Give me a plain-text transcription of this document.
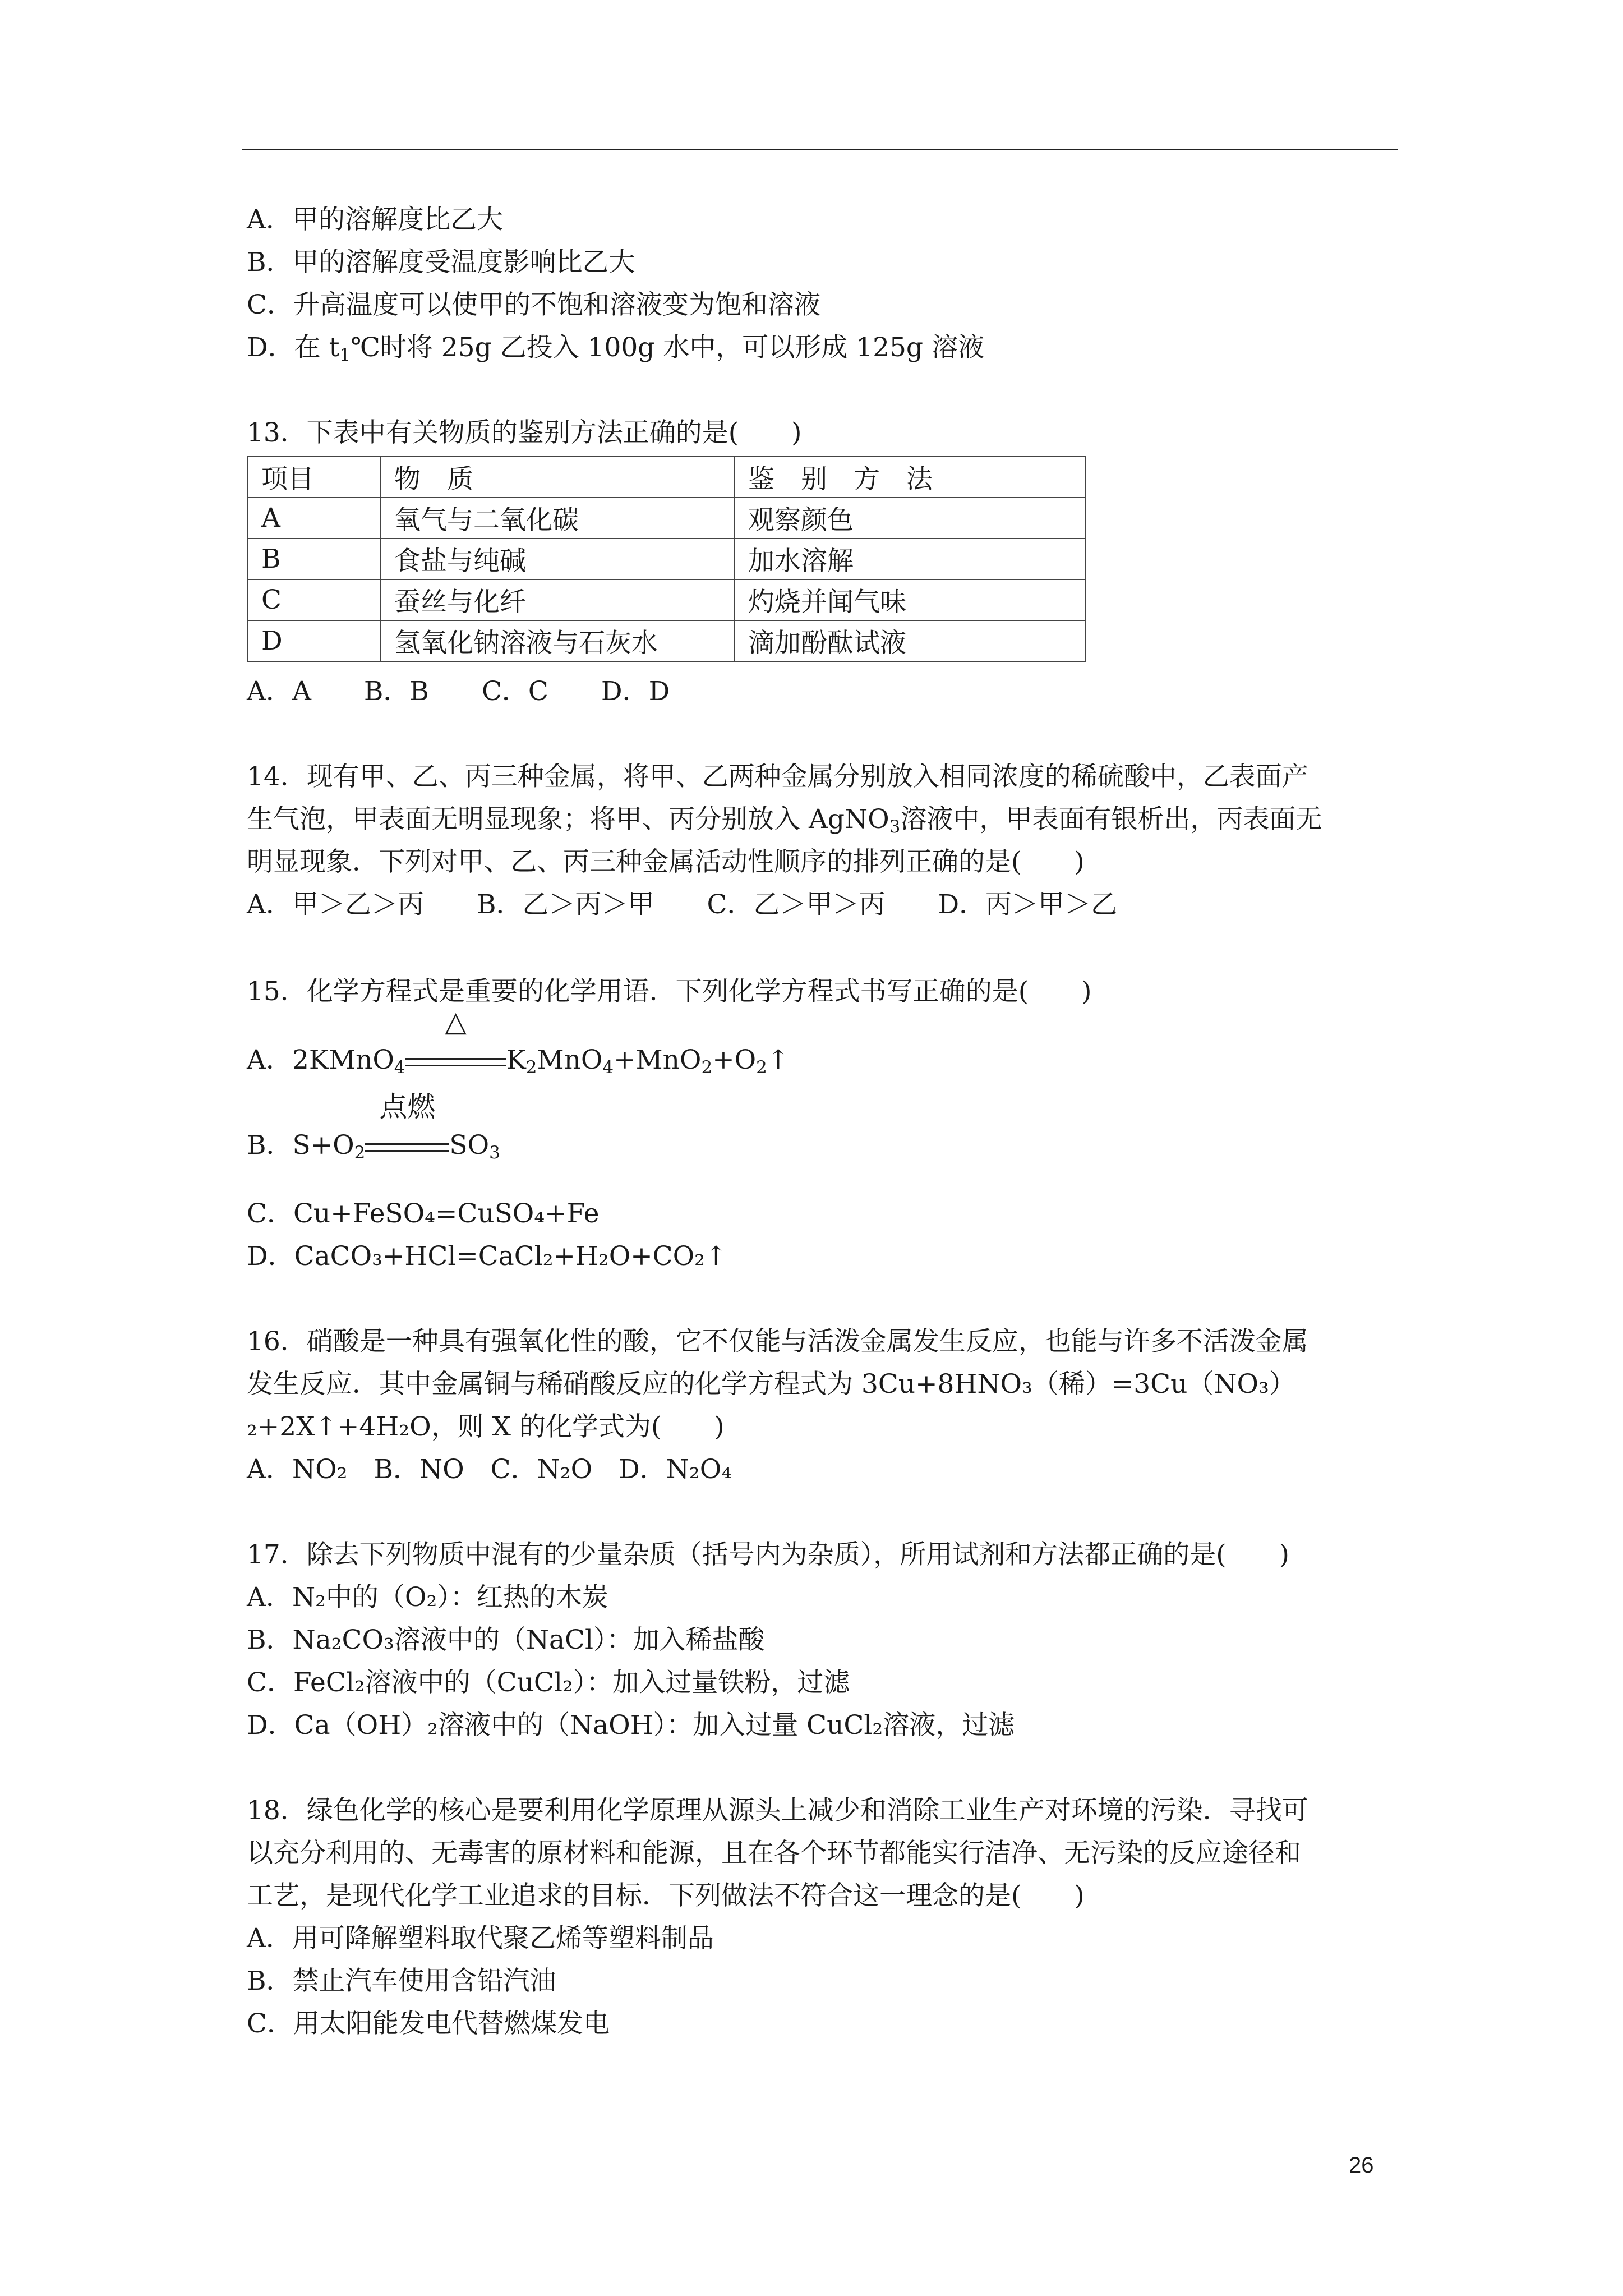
A．甲的溶解度比乙大
B．甲的溶解度受温度影响比乙大
C．升高温度可以使甲的不饱和溶液变为饱和溶液
D．在 $t_1℃$时将 25g 乙投入 100g 水中，可以形成 125g 溶液
13．下表中有关物质的鉴别方法正确的是(　　)
项目	物　质	鉴　别　方　法
A	氧气与二氧化碳	观察颜色
B	食盐与纯碱	加水溶解
C	蚕丝与化纤	灼烧并闻气味
D	氢氧化钠溶液与石灰水	滴加酚酞试液
A．A　　B．B　　C．C　　D．D
14．现有甲、乙、丙三种金属，将甲、乙两种金属分别放入相同浓度的稀硫酸中，乙表面产
生气泡，甲表面无明显现象；将甲、丙分别放入 AgNO$_3$溶液中，甲表面有银析出，丙表面无
明显现象．下列对甲、乙、丙三种金属活动性顺序的排列正确的是(　　)
A．甲＞乙＞丙　　B．乙＞丙＞甲　　C．乙＞甲＞丙　　D．丙＞甲＞乙
15．化学方程式是重要的化学用语．下列化学方程式书写正确的是(　　)
A．2KMnO$_4$
△
$K_2MnO_4+MnO_2+O_2↑$
B．$S+O_2$
点燃
$SO_3$
C．Cu+FeSO₄=CuSO₄+Fe
D．CaCO₃+HCl=CaCl₂+H₂O+CO₂↑
16．硝酸是一种具有强氧化性的酸，它不仅能与活泼金属发生反应，也能与许多不活泼金属
发生反应．其中金属铜与稀硝酸反应的化学方程式为 3Cu+8HNO₃（稀）=3Cu（NO₃）
₂+2X↑+4H₂O，则 X 的化学式为(　　)
A．NO₂　B．NO　C．N₂O　D．N₂O₄
17．除去下列物质中混有的少量杂质（括号内为杂质），所用试剂和方法都正确的是(　　)
A．N₂中的（O₂）：红热的木炭
B．Na₂CO₃溶液中的（NaCl）：加入稀盐酸
C．FeCl₂溶液中的（CuCl₂）：加入过量铁粉，过滤
D．Ca（OH）₂溶液中的（NaOH）：加入过量 CuCl₂溶液，过滤
18．绿色化学的核心是要利用化学原理从源头上减少和消除工业生产对环境的污染．寻找可
以充分利用的、无毒害的原材料和能源，且在各个环节都能实行洁净、无污染的反应途径和
工艺，是现代化学工业追求的目标．下列做法不符合这一理念的是(　　)
A．用可降解塑料取代聚乙烯等塑料制品
B．禁止汽车使用含铅汽油
C．用太阳能发电代替燃煤发电
26
